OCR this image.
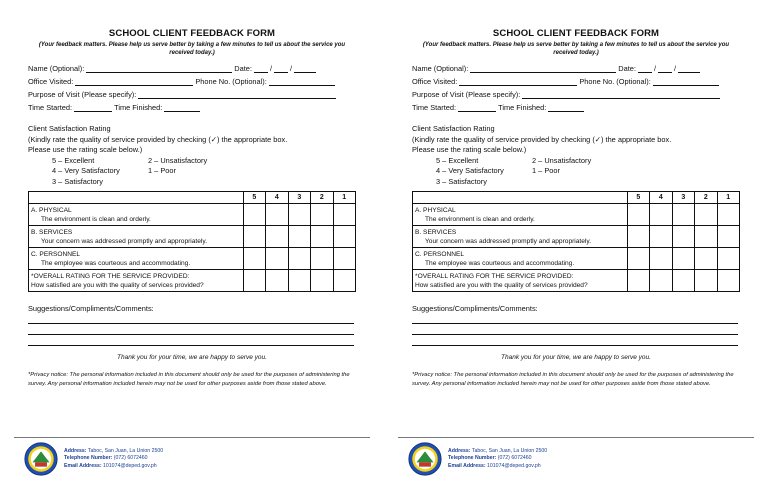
SCHOOL CLIENT FEEDBACK FORM
(Your feedback matters. Please help us serve better by taking a few minutes to tell us about the service you received today.)
Name (Optional):	Date: / /
Office Visited:	Phone No. (Optional):
Purpose of Visit (Please specify):
Time Started:	Time Finished:
Client Satisfaction Rating
(Kindly rate the quality of service provided by checking (✓) the appropriate box.
Please use the rating scale below.)
5 – Excellent	2 – Unsatisfactory
4 – Very Satisfactory	1 – Poor
3 – Satisfactory
	5	4	3	2	1
A. PHYSICAL
The environment is clean and orderly.					

B. SERVICES
Your concern was addressed promptly and appropriately.					

C. PERSONNEL
The employee was courteous and accommodating.					

*OVERALL RATING FOR THE SERVICE PROVIDED:
How satisfied are you with the quality of services provided?					

Suggestions/Compliments/Comments:
Thank you for your time, we are happy to serve you.
*Privacy notice: The personal information included in this document should only be used for the purposes of administering the survey. Any personal information included herein may not be used for other purposes aside from those stated above.
Address: Taboc, San Juan, La Union 2500
Telephone Number: (072) 6072460
Email Address: 101074@deped.gov.ph
SCHOOL CLIENT FEEDBACK FORM
(Your feedback matters. Please help us serve better by taking a few minutes to tell us about the service you received today.)
Name (Optional):	Date: / /
Office Visited:	Phone No. (Optional):
Purpose of Visit (Please specify):
Time Started:	Time Finished:
Client Satisfaction Rating
(Kindly rate the quality of service provided by checking (✓) the appropriate box.
Please use the rating scale below.)
5 – Excellent	2 – Unsatisfactory
4 – Very Satisfactory	1 – Poor
3 – Satisfactory
	5	4	3	2	1
A. PHYSICAL
The environment is clean and orderly.					

B. SERVICES
Your concern was addressed promptly and appropriately.					

C. PERSONNEL
The employee was courteous and accommodating.					

*OVERALL RATING FOR THE SERVICE PROVIDED:
How satisfied are you with the quality of services provided?					

Suggestions/Compliments/Comments:
Thank you for your time, we are happy to serve you.
*Privacy notice: The personal information included in this document should only be used for the purposes of administering the survey. Any personal information included herein may not be used for other purposes aside from those stated above.
Address: Taboc, San Juan, La Union 2500
Telephone Number: (072) 6072460
Email Address: 101074@deped.gov.ph
